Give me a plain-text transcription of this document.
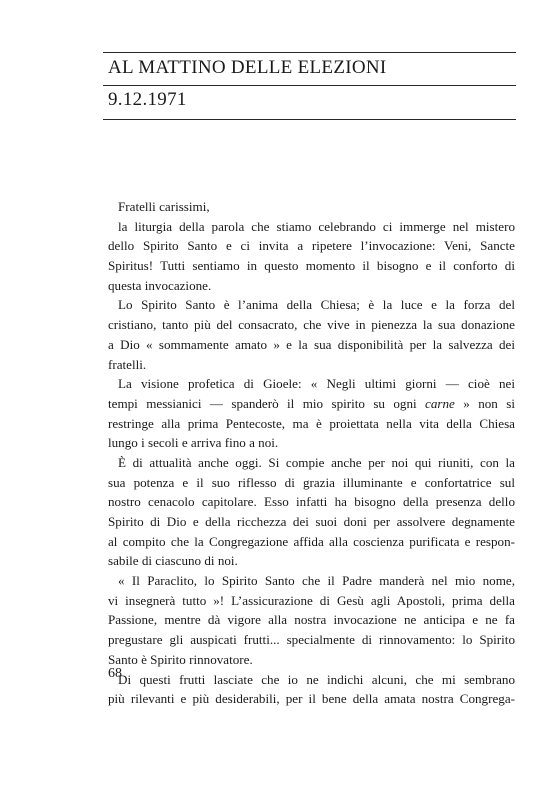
AL MATTINO DELLE ELEZIONI
9.12.1971
Fratelli carissimi,
la liturgia della parola che stiamo celebrando ci immerge nel mistero
dello Spirito Santo e ci invita a ripetere l’invocazione: Veni, Sancte
Spiritus! Tutti sentiamo in questo momento il bisogno e il conforto di
questa invocazione.
Lo Spirito Santo è l’anima della Chiesa; è la luce e la forza del
cristiano, tanto più del consacrato, che vive in pienezza la sua donazione
a Dio « sommamente amato » e la sua disponibilità per la salvezza dei
fratelli.
La visione profetica di Gioele: « Negli ultimi giorni — cioè nei
tempi messianici — spanderò il mio spirito su ogni carne » non si
restringe alla prima Pentecoste, ma è proiettata nella vita della Chiesa
lungo i secoli e arriva fino a noi.
È di attualità anche oggi. Si compie anche per noi qui riuniti, con la
sua potenza e il suo riflesso di grazia illuminante e confortatrice sul
nostro cenacolo capitolare. Esso infatti ha bisogno della presenza dello
Spirito di Dio e della ricchezza dei suoi doni per assolvere degnamente
al compito che la Congregazione affida alla coscienza purificata e respon-
sabile di ciascuno di noi.
« Il Paraclito, lo Spirito Santo che il Padre manderà nel mio nome,
vi insegnerà tutto »! L’assicurazione di Gesù agli Apostoli, prima della
Passione, mentre dà vigore alla nostra invocazione ne anticipa e ne fa
pregustare gli auspicati frutti... specialmente di rinnovamento: lo Spirito
Santo è Spirito rinnovatore.
Di questi frutti lasciate che io ne indichi alcuni, che mi sembrano
più rilevanti e più desiderabili, per il bene della amata nostra Congrega-
68
